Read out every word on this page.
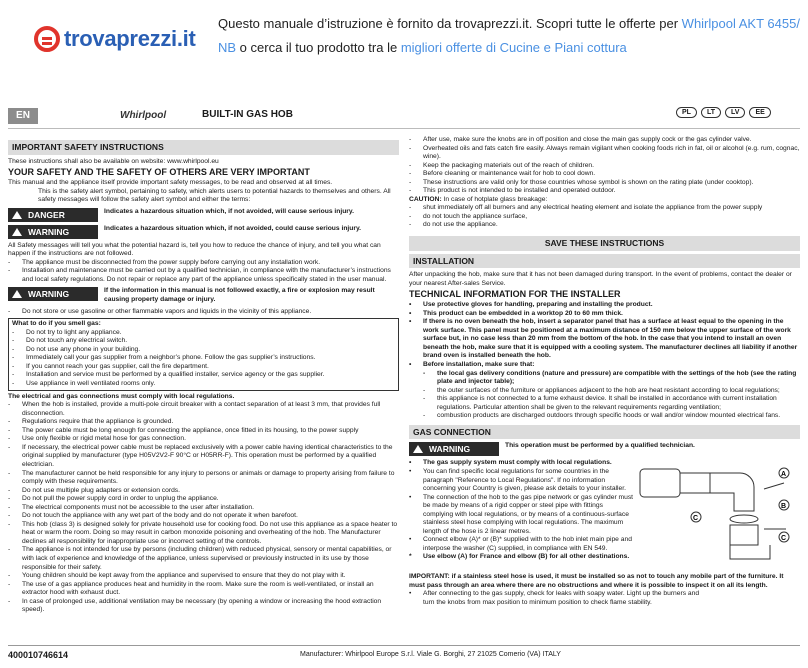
trovaprezzi.it
Questo manuale d’istruzione è fornito da trovaprezzi.it. Scopri tutte le offerte per Whirlpool AKT 6455/
NB o cerca il tuo prodotto tra le migliori offerte di Cucine e Piani cottura
EN	Whirlpool	BUILT-IN GAS HOB	PL	LT	LV	EE
IMPORTANT SAFETY INSTRUCTIONS
These instructions shall also be available on website: www.whirlpool.eu
YOUR SAFETY AND THE SAFETY OF OTHERS ARE VERY IMPORTANT
This manual and the appliance itself provide important safety messages, to be read and observed at all times.
This is the safety alert symbol, pertaining to safety, which alerts users to potential hazards to themselves and others. All safety messages will follow the safety alert symbol and either the terms:
DANGER	Indicates a hazardous situation which, if not avoided, will cause serious injury.
WARNING	Indicates a hazardous situation which, if not avoided, could cause serious injury.
All Safety messages will tell you what the potential hazard is, tell you how to reduce the chance of injury, and tell you what can happen if the instructions are not followed.
- The appliance must be disconnected from the power supply before carrying out any installation work.
- Installation and maintenance must be carried out by a qualified technician, in compliance with the manufacturer’s instructions and local safety regulations. Do not repair or replace any part of the appliance unless specifically stated in the user manual.
WARNING	If the information in this manual is not followed exactly, a fire or explosion may result causing property damage or injury.
- Do not store or use gasoline or other flammable vapors and liquids in the vicinity of this appliance.
What to do if you smell gas:
- Do not try to light any appliance.
- Do not touch any electrical switch.
- Do not use any phone in your building.
- Immediately call your gas supplier from a neighbor’s phone. Follow the gas supplier’s instructions.
- If you cannot reach your gas supplier, call the fire department.
- Installation and service must be performed by a qualified installer, service agency or the gas supplier.
- Use appliance in well ventilated rooms only.
The electrical and gas connections must comply with local regulations.
- When the hob is installed, provide a multi-pole circuit breaker with a contact separation of at least 3 mm, that provides full disconnection.
- Regulations require that the appliance is grounded.
- The power cable must be long enough for connecting the appliance, once fitted in its housing, to the power supply
- Use only flexible or rigid metal hose for gas connection.
- If necessary, the electrical power cable must be replaced exclusively with a power cable having identical characteristics to the original supplied by manufacturer (type H05V2V2-F 90°C or H05RR-F). This operation must be performed by a qualified electrician.
- The manufacturer cannot be held responsible for any injury to persons or animals or damage to property arising from failure to comply with these requirements.
- Do not use multiple plug adapters or extension cords.
- Do not pull the power supply cord in order to unplug the appliance.
- The electrical components must not be accessible to the user after installation.
- Do not touch the appliance with any wet part of the body and do not operate it when barefoot.
- This hob (class 3) is designed solely for private household use for cooking food. Do not use this appliance as a space heater to heat or warm the room. Doing so may result in carbon monoxide poisoning and overheating of the hob. The Manufacturer declines all responsibility for inappropriate use or incorrect setting of the controls.
- The appliance is not intended for use by persons (including children) with reduced physical, sensory or mental capabilities, or with lack of experience and knowledge of the appliance, unless supervised or previously instructed in its use by those responsible for their safety.
- Young children should be kept away from the appliance and supervised to ensure that they do not play with it.
- The use of a gas appliance produces heat and humidity in the room. Make sure the room is well-ventilated, or install an extractor hood with exhaust duct.
- In case of prolonged use, additional ventilation may be necessary (by opening a window or increasing the hood extraction speed).
- After use, make sure the knobs are in off position and close the main gas supply cock or the gas cylinder valve.
- Overheated oils and fats catch fire easily. Always remain vigilant when cooking foods rich in fat, oil or alcohol (e.g. rum, cognac, wine).
- Keep the packaging materials out of the reach of children.
- Before cleaning or maintenance wait for hob to cool down.
- These instructions are valid only for those countries whose symbol is shown on the rating plate (under cooktop).
- This product is not intended to be installed and operated outdoor.
CAUTION: In case of hotplate glass breakage:
- shut immediately off all burners and any electrical heating element and isolate the appliance from the power supply
- do not touch the appliance surface,
- do not use the appliance.
SAVE THESE INSTRUCTIONS
INSTALLATION
After unpacking the hob, make sure that it has not been damaged during transport. In the event of problems, contact the dealer or your nearest After-sales Service.
TECHNICAL INFORMATION FOR THE INSTALLER
• Use protective gloves for handling, preparing and installing the product.
• This product can be embedded in a worktop 20 to 60 mm thick.
• If there is no oven beneath the hob, insert a separator panel that has a surface at least equal to the opening in the work surface. This panel must be positioned at a maximum distance of 150 mm below the upper surface of the work surface but, in no case less than 20 mm from the bottom of the hob. In the case that you intend to install an oven beneath the hob, make sure that it is equipped with a cooling system. The manufacturer declines all liability if another brand oven is installed beneath the hob.
• Before installation, make sure that:
- the local gas delivery conditions (nature and pressure) are compatible with the settings of the hob (see the rating plate and injector table);
- the outer surfaces of the furniture or appliances adjacent to the hob are heat resistant according to local regulations;
- this appliance is not connected to a fume exhaust device. It shall be installed in accordance with current installation regulations. Particular attention shall be given to the relevant requirements regarding ventilation;
- combustion products are discharged outdoors through specific hoods or wall and/or window mounted electrical fans.
GAS CONNECTION
WARNING	This operation must be performed by a qualified technician.
• The gas supply system must comply with local regulations.
• You can find specific local regulations for some countries in the paragraph "Reference to Local Regulations". If no information concerning your Country is given, please ask details to your installer.
• The connection of the hob to the gas pipe network or gas cylinder must be made by means of a rigid copper or steel pipe with fittings complying with local regulations, or by means of a continuous-surface stainless steel hose complying with local regulations. The maximum length of the hose is 2 linear metres.
• Connect elbow (A)* or (B)* supplied with to the hob inlet main pipe and interpose the washer (C) supplied, in compliance with EN 549.
* Use elbow (A) for France and elbow (B) for all other destinations.
A
B
C
C
IMPORTANT: if a stainless steel hose is used, it must be installed so as not to touch any mobile part of the furniture. It must pass through an area where there are no obstructions and where it is possible to inspect it on all its length.
• After connecting to the gas supply, check for leaks with soapy water. Light up the burners and turn the knobs from max position to minimum position to check flame stability.
400010746614	Manufacturer: Whirlpool Europe S.r.l. Viale G. Borghi, 27 21025 Comerio (VA) ITALY
